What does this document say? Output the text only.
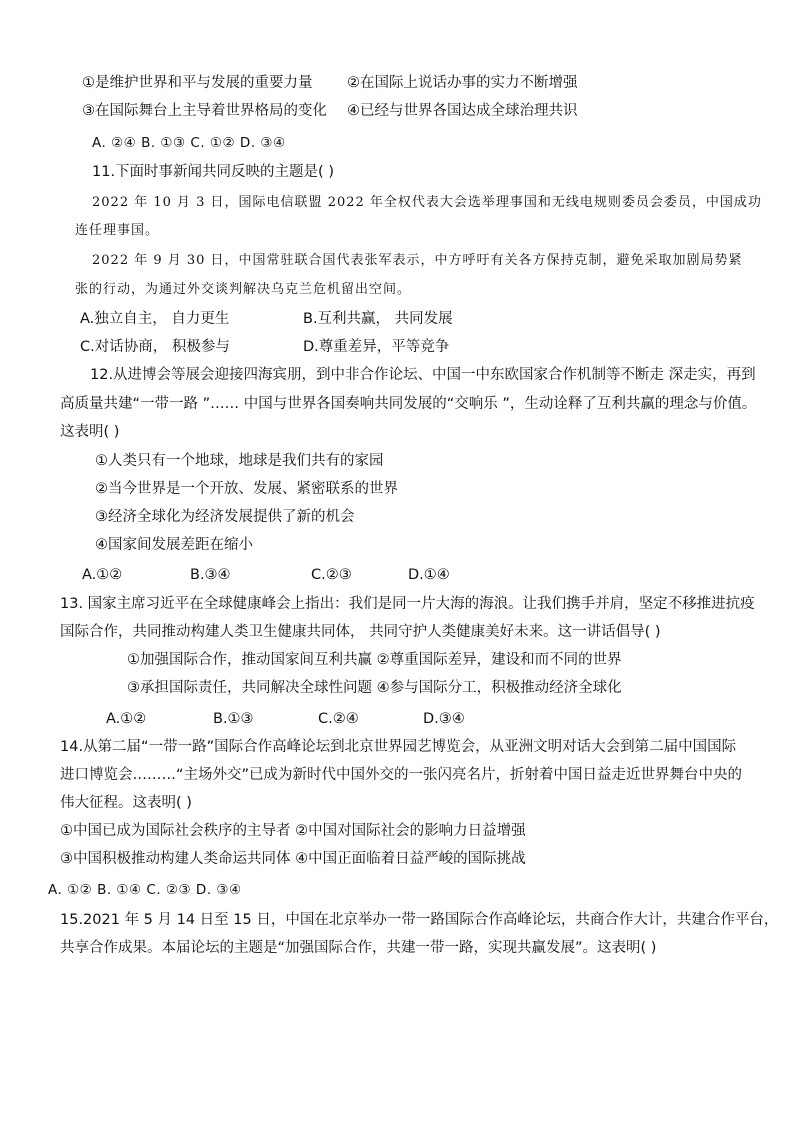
①是维护世界和平与发展的重要力量 ②在国际上说话办事的实力不断增强
③在国际舞台上主导着世界格局的变化 ④已经与世界各国达成全球治理共识
A. ②④ B. ①③ C. ①② D. ③④
11.下面时事新闻共同反映的主题是( )
2022 年 10 月 3 日，国际电信联盟 2022 年全权代表大会选举理事国和无线电规则委员会委员，中国成功
连任理事国。
2022 年 9 月 30 日，中国常驻联合国代表张军表示，中方呼吁有关各方保持克制，避免采取加剧局势紧
张的行动，为通过外交谈判解决乌克兰危机留出空间。
A.独立自主， 自力更生	B.互利共赢， 共同发展
C.对话协商， 积极参与	D.尊重差异，平等竞争
12.从进博会等展会迎接四海宾朋，到中非合作论坛、中国一中东欧国家合作机制等不断走 深走实，再到
高质量共建“一带一路 ”…… 中国与世界各国奏响共同发展的“交响乐 ”，生动诠释了互利共赢的理念与价值。
这表明( )
①人类只有一个地球，地球是我们共有的家园
②当今世界是一个开放、发展、紧密联系的世界
③经济全球化为经济发展提供了新的机会
④国家间发展差距在缩小
A.①②	B.③④	C.②③	D.①④
13. 国家主席习近平在全球健康峰会上指出：我们是同一片大海的海浪。让我们携手并肩，坚定不移推进抗疫
国际合作，共同推动构建人类卫生健康共同体， 共同守护人类健康美好未来。这一讲话倡导( )
①加强国际合作，推动国家间互利共赢 ②尊重国际差异，建设和而不同的世界
③承担国际责任，共同解决全球性问题 ④参与国际分工，积极推动经济全球化
A.①②	B.①③	C.②④	D.③④
14.从第二届“一带一路”国际合作高峰论坛到北京世界园艺博览会，从亚洲文明对话大会到第二届中国国际
进口博览会………“主场外交”已成为新时代中国外交的一张闪亮名片，折射着中国日益走近世界舞台中央的
伟大征程。这表明( )
①中国已成为国际社会秩序的主导者 ②中国对国际社会的影响力日益增强
③中国积极推动构建人类命运共同体 ④中国正面临着日益严峻的国际挑战
A. ①② B. ①④ C. ②③ D. ③④
15.2021 年 5 月 14 日至 15 日，中国在北京举办一带一路国际合作高峰论坛，共商合作大计，共建合作平台，
共享合作成果。本届论坛的主题是“加强国际合作，共建一带一路，实现共赢发展”。这表明( )
